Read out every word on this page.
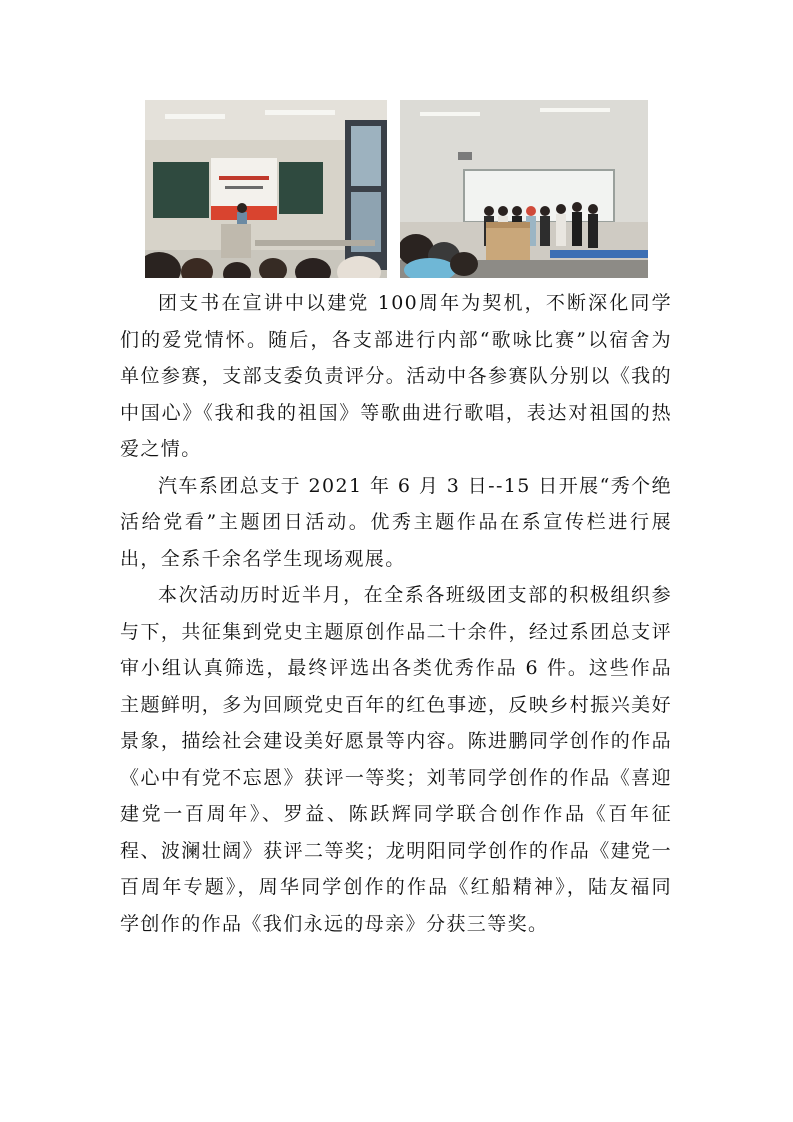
团支书在宣讲中以建党 100周年为契机，不断深化同学们的爱党情怀。随后，各支部进行内部“歌咏比赛”以宿舍为单位参赛，支部支委负责评分。活动中各参赛队分别以《我的中国心》《我和我的祖国》等歌曲进行歌唱，表达对祖国的热爱之情。

汽车系团总支于 2021 年 6 月 3 日--15 日开展“秀个绝活给党看”主题团日活动。优秀主题作品在系宣传栏进行展出，全系千余名学生现场观展。

本次活动历时近半月，在全系各班级团支部的积极组织参与下，共征集到党史主题原创作品二十余件，经过系团总支评审小组认真筛选，最终评选出各类优秀作品 6 件。这些作品主题鲜明，多为回顾党史百年的红色事迹，反映乡村振兴美好景象，描绘社会建设美好愿景等内容。陈进鹏同学创作的作品《心中有党不忘恩》获评一等奖；刘苇同学创作的作品《喜迎建党一百周年》、罗益、陈跃辉同学联合创作作品《百年征程、波澜壮阔》获评二等奖；龙明阳同学创作的作品《建党一百周年专题》，周华同学创作的作品《红船精神》，陆友福同学创作的作品《我们永远的母亲》分获三等奖。
